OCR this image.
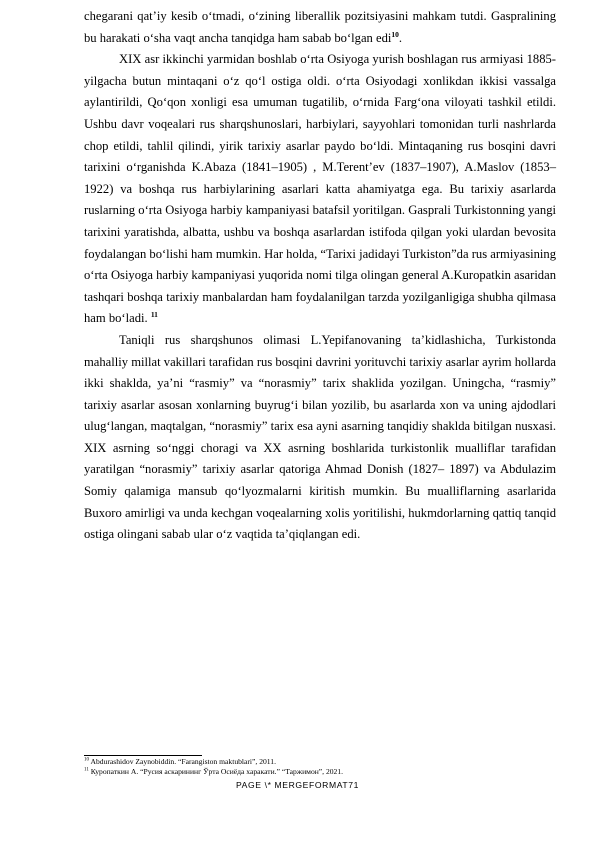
chegarani qat’iy kesib o‘tmadi, o‘zining liberallik pozitsiyasini mahkam tutdi. Gaspralining bu harakati o‘sha vaqt ancha tanqidga ham sabab bo‘lgan edi$^{10}$.

XIX asr ikkinchi yarmidan boshlab o‘rta Osiyoga yurish boshlagan rus armiyasi 1885-yilgacha butun mintaqani o‘z qo‘l ostiga oldi. o‘rta Osiyodagi xonlikdan ikkisi vassalga aylantirildi, Qo‘qon xonligi esa umuman tugatilib, o‘rnida Farg‘ona viloyati tashkil etildi. Ushbu davr voqealari rus sharqshunoslari, harbiylari, sayyohlari tomonidan turli nashrlarda chop etildi, tahlil qilindi, yirik tarixiy asarlar paydo bo‘ldi. Mintaqaning rus bosqini davri tarixini o‘rganishda K.Abaza (1841–1905) , M.Terent’ev (1837–1907), A.Maslov (1853–1922) va boshqa rus harbiylarining asarlari katta ahamiyatga ega. Bu tarixiy asarlarda ruslarning o‘rta Osiyoga harbiy kampaniyasi batafsil yoritilgan. Gasprali Turkistonning yangi tarixini yaratishda, albatta, ushbu va boshqa asarlardan istifoda qilgan yoki ulardan bevosita foydalangan bo‘lishi ham mumkin. Har holda, “Tarixi jadidayi Turkiston”da rus armiyasining o‘rta Osiyoga harbiy kampaniyasi yuqorida nomi tilga olingan general A.Kuropatkin asaridan tashqari boshqa tarixiy manbalardan ham foydalanilgan tarzda yozilganligiga shubha qilmasa ham bo‘ladi. $^{11}$

Taniqli rus sharqshunos olimasi L.Yepifanovaning ta’kidlashicha, Turkistonda mahalliy millat vakillari tarafidan rus bosqini davrini yorituvchi tarixiy asarlar ayrim hollarda ikki shaklda, ya’ni “rasmiy” va “norasmiy” tarix shaklida yozilgan. Uningcha, “rasmiy” tarixiy asarlar asosan xonlarning buyrug‘i bilan yozilib, bu asarlarda xon va uning ajdodlari ulug‘langan, maqtalgan, “norasmiy” tarix esa ayni asarning tanqidiy shaklda bitilgan nusxasi. XIX asrning so‘nggi choragi va XX asrning boshlarida turkistonlik mualliflar tarafidan yaratilgan “norasmiy” tarixiy asarlar qatoriga Ahmad Donish (1827– 1897) va Abdulazim Somiy qalamiga mansub qo‘lyozmalarni kiritish mumkin. Bu mualliflarning asarlarida Buxoro amirligi va unda kechgan voqealarning xolis yoritilishi, hukmdorlarning qattiq tanqid ostiga olingani sabab ular o‘z vaqtida ta’qiqlangan edi.

$^{10}$ Abdurashidov Zaynobiddin. “Farangiston maktublari”, 2011.
$^{11}$ Куропаткин А. “Русия аскарининг Ўрта Осиёда харакати.” “Таржимон”, 2021.
PAGE \* MERGEFORMAT71
